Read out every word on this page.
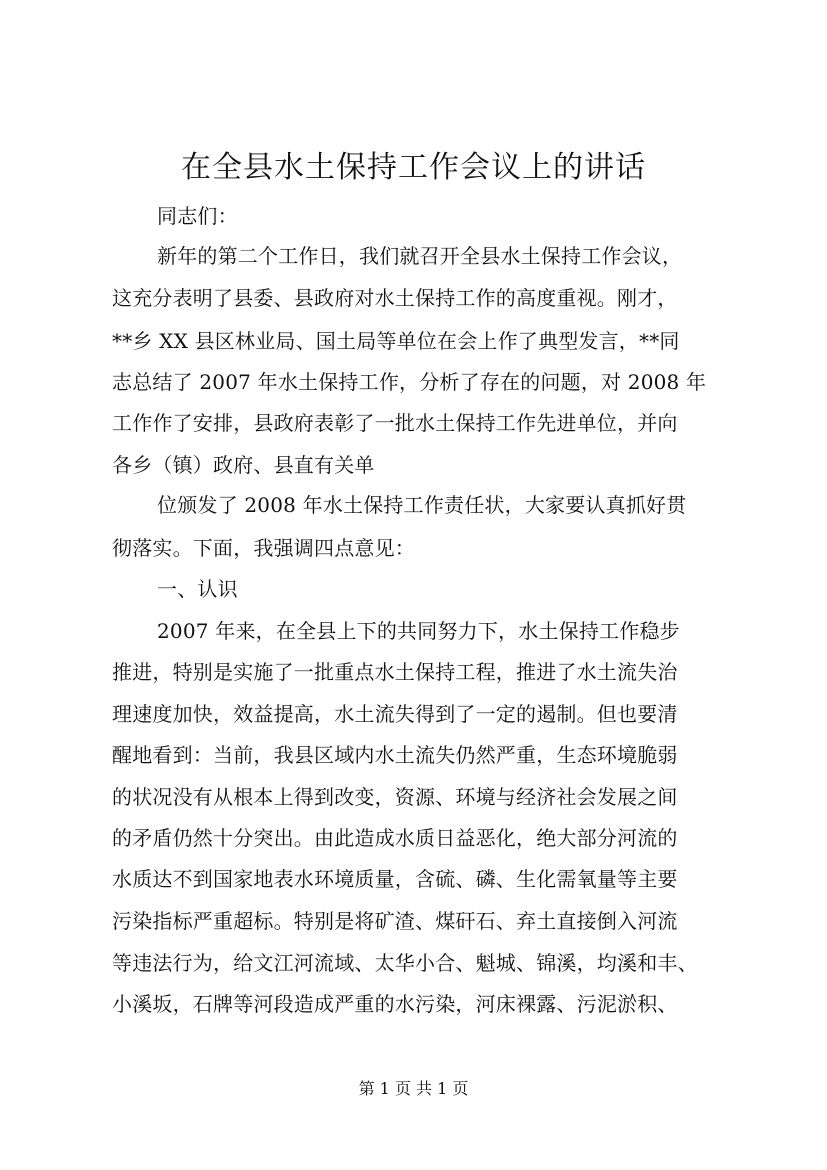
在全县水土保持工作会议上的讲话
同志们：
新年的第二个工作日，我们就召开全县水土保持工作会议，
这充分表明了县委、县政府对水土保持工作的高度重视。刚才，
**乡 XX 县区林业局、国土局等单位在会上作了典型发言，**同
志总结了 2007 年水土保持工作，分析了存在的问题，对 2008 年
工作作了安排，县政府表彰了一批水土保持工作先进单位，并向
各乡（镇）政府、县直有关单
位颁发了 2008 年水土保持工作责任状，大家要认真抓好贯
彻落实。下面，我强调四点意见：
一、认识
2007 年来，在全县上下的共同努力下，水土保持工作稳步
推进，特别是实施了一批重点水土保持工程，推进了水土流失治
理速度加快，效益提高，水土流失得到了一定的遏制。但也要清
醒地看到：当前，我县区域内水土流失仍然严重，生态环境脆弱
的状况没有从根本上得到改变，资源、环境与经济社会发展之间
的矛盾仍然十分突出。由此造成水质日益恶化，绝大部分河流的
水质达不到国家地表水环境质量，含硫、磷、生化需氧量等主要
污染指标严重超标。特别是将矿渣、煤矸石、弃土直接倒入河流
等违法行为，给文江河流域、太华小合、魁城、锦溪，均溪和丰、
小溪坂，石牌等河段造成严重的水污染，河床裸露、污泥淤积、
第 1 页 共 1 页
